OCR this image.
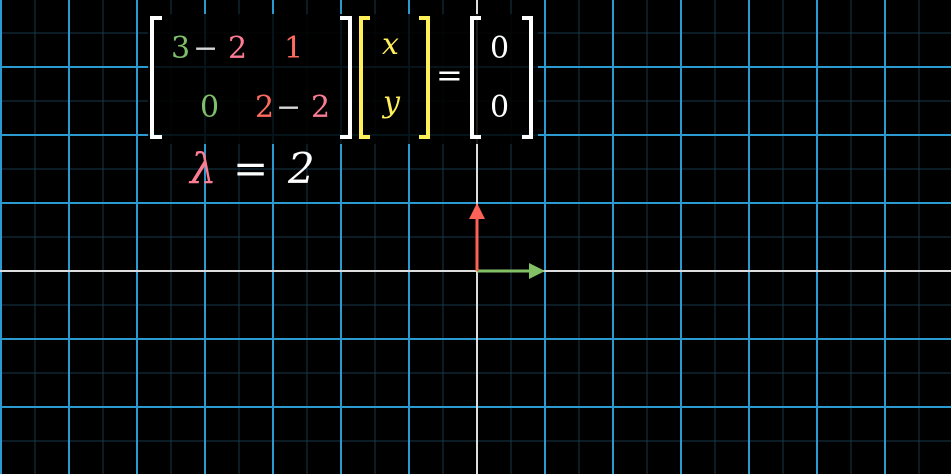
3 − 2 1
0 2 − 2
x
y
=
0
0
λ = 2
